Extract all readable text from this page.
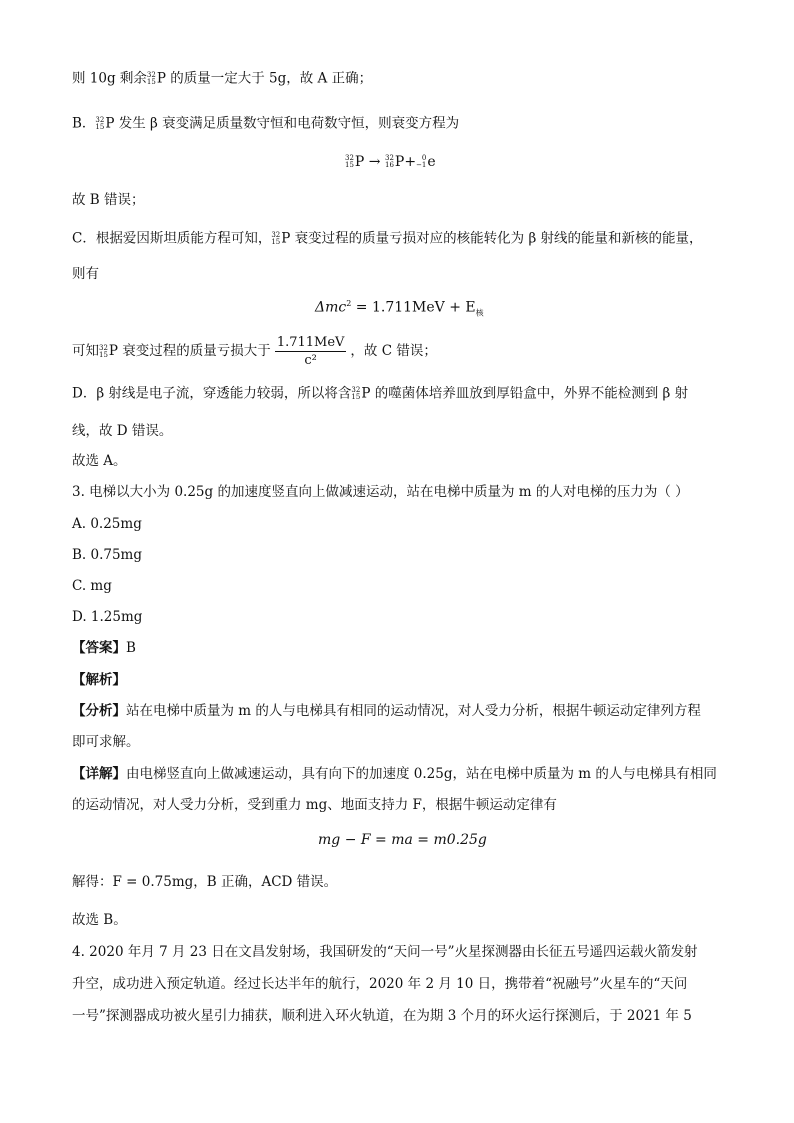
则 10g 剩余 32
15 P 的质量一定大于 5g，故 A 正确；
B． 32
15 P 发生 β 衰变满足质量数守恒和电荷数守恒，则衰变方程为
32
15 P → 32
16 P+ 0
−1 e
故 B 错误；
C．根据爱因斯坦质能方程可知， 32
15 P 衰变过程的质量亏损对应的核能转化为 β 射线的能量和新核的能量，
则有
$\Delta mc^2 = 1.711MeV + E_核$
可知 32
15 P 衰变过程的质量亏损大于 $\frac{\text{1.711MeV}}{\text{c²}}$ ，故 C 错误；
D．β 射线是电子流，穿透能力较弱，所以将含 32
15 P 的噬菌体培养皿放到厚铅盒中，外界不能检测到 β 射
线，故 D 错误。
故选 A。
3. 电梯以大小为 0.25g 的加速度竖直向上做减速运动，站在电梯中质量为 m 的人对电梯的压力为（ ）
A. 0.25mg
B. 0.75mg
C. mg
D. 1.25mg
【答案】B
【解析】
【分析】站在电梯中质量为 m 的人与电梯具有相同的运动情况，对人受力分析，根据牛顿运动定律列方程
即可求解。
【详解】由电梯竖直向上做减速运动，具有向下的加速度 0.25g，站在电梯中质量为 m 的人与电梯具有相同
的运动情况，对人受力分析，受到重力 mg、地面支持力 F，根据牛顿运动定律有
mg − F = ma = m0.25g
解得：F = 0.75mg，B 正确，ACD 错误。
故选 B。
4. 2020 年月 7 月 23 日在文昌发射场，我国研发的“天问一号”火星探测器由长征五号遥四运载火箭发射
升空，成功进入预定轨道。经过长达半年的航行，2020 年 2 月 10 日，携带着“祝融号”火星车的“天问
一号”探测器成功被火星引力捕获，顺利进入环火轨道，在为期 3 个月的环火运行探测后，于 2021 年 5
